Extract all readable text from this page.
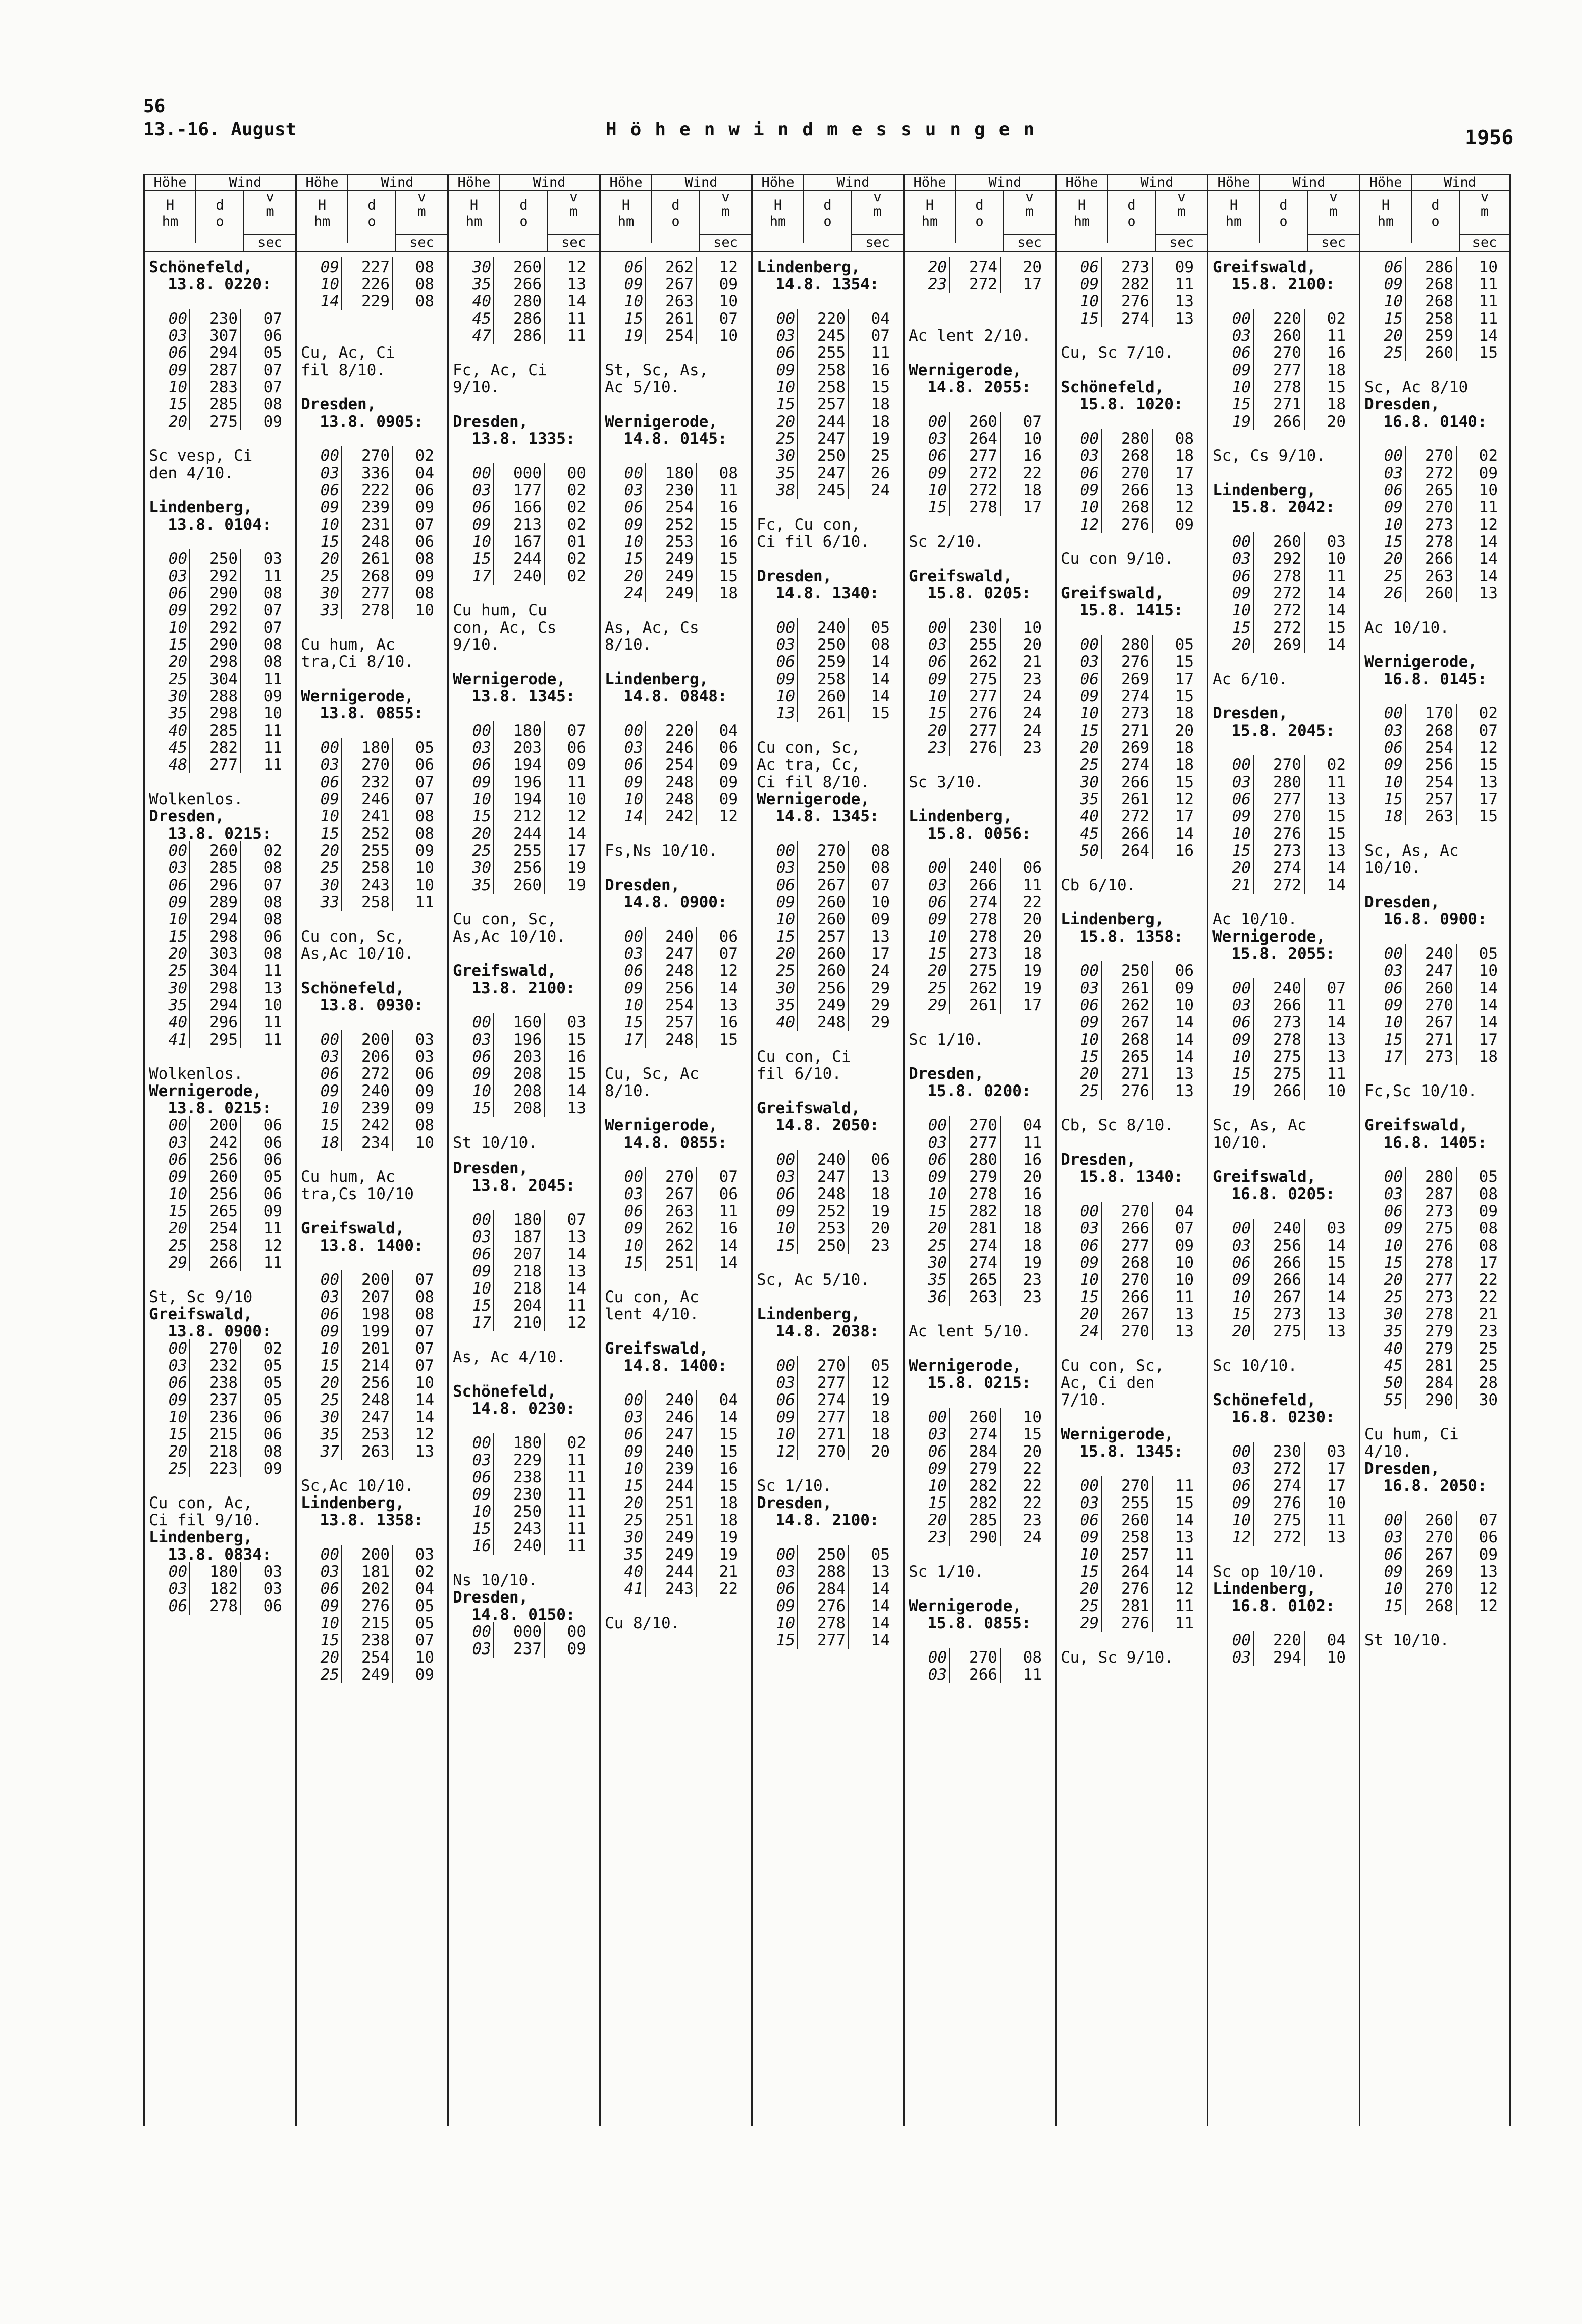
56
13.-16. August	Höhenwindmessungen	1956
Höhe	Wind
H
hm
d
o
v
m
sec
Schönefeld,
13.8. 0220:
00	230	07
03	307	06
06	294	05
09	287	07
10	283	07
15	285	08
20	275	09
Sc vesp, Ci
den 4/10.
Lindenberg,
13.8. 0104:
00	250	03
03	292	11
06	290	08
09	292	07
10	292	07
15	290	08
20	298	08
25	304	11
30	288	09
35	298	10
40	285	11
45	282	11
48	277	11
Wolkenlos.
Dresden,
13.8. 0215:
00	260	02
03	285	08
06	296	07
09	289	08
10	294	08
15	298	06
20	303	08
25	304	11
30	298	13
35	294	10
40	296	11
41	295	11
Wolkenlos.
Wernigerode,
13.8. 0215:
00	200	06
03	242	06
06	256	06
09	260	05
10	256	06
15	265	09
20	254	11
25	258	12
29	266	11
St, Sc 9/10
Greifswald,
13.8. 0900:
00	270	02
03	232	05
06	238	05
09	237	05
10	236	06
15	215	06
20	218	08
25	223	09
Cu con, Ac,
Ci fil 9/10.
Lindenberg,
13.8. 0834:
00	180	03
03	182	03
06	278	06
Höhe	Wind
H
hm
d
o
v
m
sec
09	227	08
10	226	08
14	229	08
Cu, Ac, Ci
fil 8/10.
Dresden,
13.8. 0905:
00	270	02
03	336	04
06	222	06
09	239	09
10	231	07
15	248	06
20	261	08
25	268	09
30	277	08
33	278	10
Cu hum, Ac
tra,Ci 8/10.
Wernigerode,
13.8. 0855:
00	180	05
03	270	06
06	232	07
09	246	07
10	241	08
15	252	08
20	255	09
25	258	10
30	243	10
33	258	11
Cu con, Sc,
As,Ac 10/10.
Schönefeld,
13.8. 0930:
00	200	03
03	206	03
06	272	06
09	240	09
10	239	09
15	242	08
18	234	10
Cu hum, Ac
tra,Cs 10/10
Greifswald,
13.8. 1400:
00	200	07
03	207	08
06	198	08
09	199	07
10	201	07
15	214	07
20	256	10
25	248	14
30	247	14
35	253	12
37	263	13
Sc,Ac 10/10.
Lindenberg,
13.8. 1358:
00	200	03
03	181	02
06	202	04
09	276	05
10	215	05
15	238	07
20	254	10
25	249	09
Höhe	Wind
H
hm
d
o
v
m
sec
30	260	12
35	266	13
40	280	14
45	286	11
47	286	11
Fc, Ac, Ci
9/10.
Dresden,
13.8. 1335:
00	000	00
03	177	02
06	166	02
09	213	02
10	167	01
15	244	02
17	240	02
Cu hum, Cu
con, Ac, Cs
9/10.
Wernigerode,
13.8. 1345:
00	180	07
03	203	06
06	194	09
09	196	11
10	194	10
15	212	12
20	244	14
25	255	17
30	256	19
35	260	19
Cu con, Sc,
As,Ac 10/10.
Greifswald,
13.8. 2100:
00	160	03
03	196	15
06	203	16
09	208	15
10	208	14
15	208	13
St 10/10.
Dresden,
13.8. 2045:
00	180	07
03	187	13
06	207	14
09	218	13
10	218	14
15	204	11
17	210	12
As, Ac 4/10.
Schönefeld,
14.8. 0230:
00	180	02
03	229	11
06	238	11
09	230	11
10	250	11
15	243	11
16	240	11
Ns 10/10.
Dresden,
14.8. 0150:
00	000	00
03	237	09
Höhe	Wind
H
hm
d
o
v
m
sec
06	262	12
09	267	09
10	263	10
15	261	07
19	254	10
St, Sc, As,
Ac 5/10.
Wernigerode,
14.8. 0145:
00	180	08
03	230	11
06	254	16
09	252	15
10	253	16
15	249	15
20	249	15
24	249	18
As, Ac, Cs
8/10.
Lindenberg,
14.8. 0848:
00	220	04
03	246	06
06	254	09
09	248	09
10	248	09
14	242	12
Fs,Ns 10/10.
Dresden,
14.8. 0900:
00	240	06
03	247	07
06	248	12
09	256	14
10	254	13
15	257	16
17	248	15
Cu, Sc, Ac
8/10.
Wernigerode,
14.8. 0855:
00	270	07
03	267	06
06	263	11
09	262	16
10	262	14
15	251	14
Cu con, Ac
lent 4/10.
Greifswald,
14.8. 1400:
00	240	04
03	246	14
06	247	15
09	240	15
10	239	16
15	244	15
20	251	18
25	251	18
30	249	19
35	249	19
40	244	21
41	243	22
Cu 8/10.
Höhe	Wind
H
hm
d
o
v
m
sec
Lindenberg,
14.8. 1354:
00	220	04
03	245	07
06	255	11
09	258	16
10	258	15
15	257	18
20	244	18
25	247	19
30	250	25
35	247	26
38	245	24
Fc, Cu con,
Ci fil 6/10.
Dresden,
14.8. 1340:
00	240	05
03	250	08
06	259	14
09	258	14
10	260	14
13	261	15
Cu con, Sc,
Ac tra, Cc,
Ci fil 8/10.
Wernigerode,
14.8. 1345:
00	270	08
03	250	08
06	267	07
09	260	10
10	260	09
15	257	13
20	260	17
25	260	24
30	256	29
35	249	29
40	248	29
Cu con, Ci
fil 6/10.
Greifswald,
14.8. 2050:
00	240	06
03	247	13
06	248	18
09	252	19
10	253	20
15	250	23
Sc, Ac 5/10.
Lindenberg,
14.8. 2038:
00	270	05
03	277	12
06	274	19
09	277	18
10	271	18
12	270	20
Sc 1/10.
Dresden,
14.8. 2100:
00	250	05
03	288	13
06	284	14
09	276	14
10	278	14
15	277	14
Höhe	Wind
H
hm
d
o
v
m
sec
20	274	20
23	272	17
Ac lent 2/10.
Wernigerode,
14.8. 2055:
00	260	07
03	264	10
06	277	16
09	272	22
10	272	18
15	278	17
Sc 2/10.
Greifswald,
15.8. 0205:
00	230	10
03	255	20
06	262	21
09	275	23
10	277	24
15	276	24
20	277	24
23	276	23
Sc 3/10.
Lindenberg,
15.8. 0056:
00	240	06
03	266	11
06	274	22
09	278	20
10	278	20
15	273	18
20	275	19
25	262	19
29	261	17
Sc 1/10.
Dresden,
15.8. 0200:
00	270	04
03	277	11
06	280	16
09	279	20
10	278	16
15	282	18
20	281	18
25	274	18
30	274	19
35	265	23
36	263	23
Ac lent 5/10.
Wernigerode,
15.8. 0215:
00	260	10
03	274	15
06	284	20
09	279	22
10	282	22
15	282	22
20	285	23
23	290	24
Sc 1/10.
Wernigerode,
15.8. 0855:
00	270	08
03	266	11
Höhe	Wind
H
hm
d
o
v
m
sec
06	273	09
09	282	11
10	276	13
15	274	13
Cu, Sc 7/10.
Schönefeld,
15.8. 1020:
00	280	08
03	268	18
06	270	17
09	266	13
10	268	12
12	276	09
Cu con 9/10.
Greifswald,
15.8. 1415:
00	280	05
03	276	15
06	269	17
09	274	15
10	273	18
15	271	20
20	269	18
25	274	18
30	266	15
35	261	12
40	272	17
45	266	14
50	264	16
Cb 6/10.
Lindenberg,
15.8. 1358:
00	250	06
03	261	09
06	262	10
09	267	14
10	268	14
15	265	14
20	271	13
25	276	13
Cb, Sc 8/10.
Dresden,
15.8. 1340:
00	270	04
03	266	07
06	277	09
09	268	10
10	270	10
15	266	11
20	267	13
24	270	13
Cu con, Sc,
Ac, Ci den
7/10.
Wernigerode,
15.8. 1345:
00	270	11
03	255	15
06	260	14
09	258	13
10	257	11
15	264	14
20	276	12
25	281	11
29	276	11
Cu, Sc 9/10.
Höhe	Wind
H
hm
d
o
v
m
sec
Greifswald,
15.8. 2100:
00	220	02
03	260	11
06	270	16
09	277	18
10	278	15
15	271	18
19	266	20
Sc, Cs 9/10.
Lindenberg,
15.8. 2042:
00	260	03
03	292	10
06	278	11
09	272	14
10	272	14
15	272	15
20	269	14
Ac 6/10.
Dresden,
15.8. 2045:
00	270	02
03	280	11
06	277	13
09	270	15
10	276	15
15	273	13
20	274	14
21	272	14
Ac 10/10.
Wernigerode,
15.8. 2055:
00	240	07
03	266	11
06	273	14
09	278	13
10	275	13
15	275	11
19	266	10
Sc, As, Ac
10/10.
Greifswald,
16.8. 0205:
00	240	03
03	256	14
06	266	15
09	266	14
10	267	14
15	273	13
20	275	13
Sc 10/10.
Schönefeld,
16.8. 0230:
00	230	03
03	272	17
06	274	17
09	276	10
10	275	11
12	272	13
Sc op 10/10.
Lindenberg,
16.8. 0102:
00	220	04
03	294	10
Höhe	Wind
H
hm
d
o
v
m
sec
06	286	10
09	268	11
10	268	11
15	258	11
20	259	14
25	260	15
Sc, Ac 8/10
Dresden,
16.8. 0140:
00	270	02
03	272	09
06	265	10
09	270	11
10	273	12
15	278	14
20	266	14
25	263	14
26	260	13
Ac 10/10.
Wernigerode,
16.8. 0145:
00	170	02
03	268	07
06	254	12
09	256	15
10	254	13
15	257	17
18	263	15
Sc, As, Ac
10/10.
Dresden,
16.8. 0900:
00	240	05
03	247	10
06	260	14
09	270	14
10	267	14
15	271	17
17	273	18
Fc,Sc 10/10.
Greifswald,
16.8. 1405:
00	280	05
03	287	08
06	273	09
09	275	08
10	276	08
15	278	17
20	277	22
25	273	22
30	278	21
35	279	23
40	279	25
45	281	25
50	284	28
55	290	30
Cu hum, Ci
4/10.
Dresden,
16.8. 2050:
00	260	07
03	270	06
06	267	09
09	269	13
10	270	12
15	268	12
St 10/10.
